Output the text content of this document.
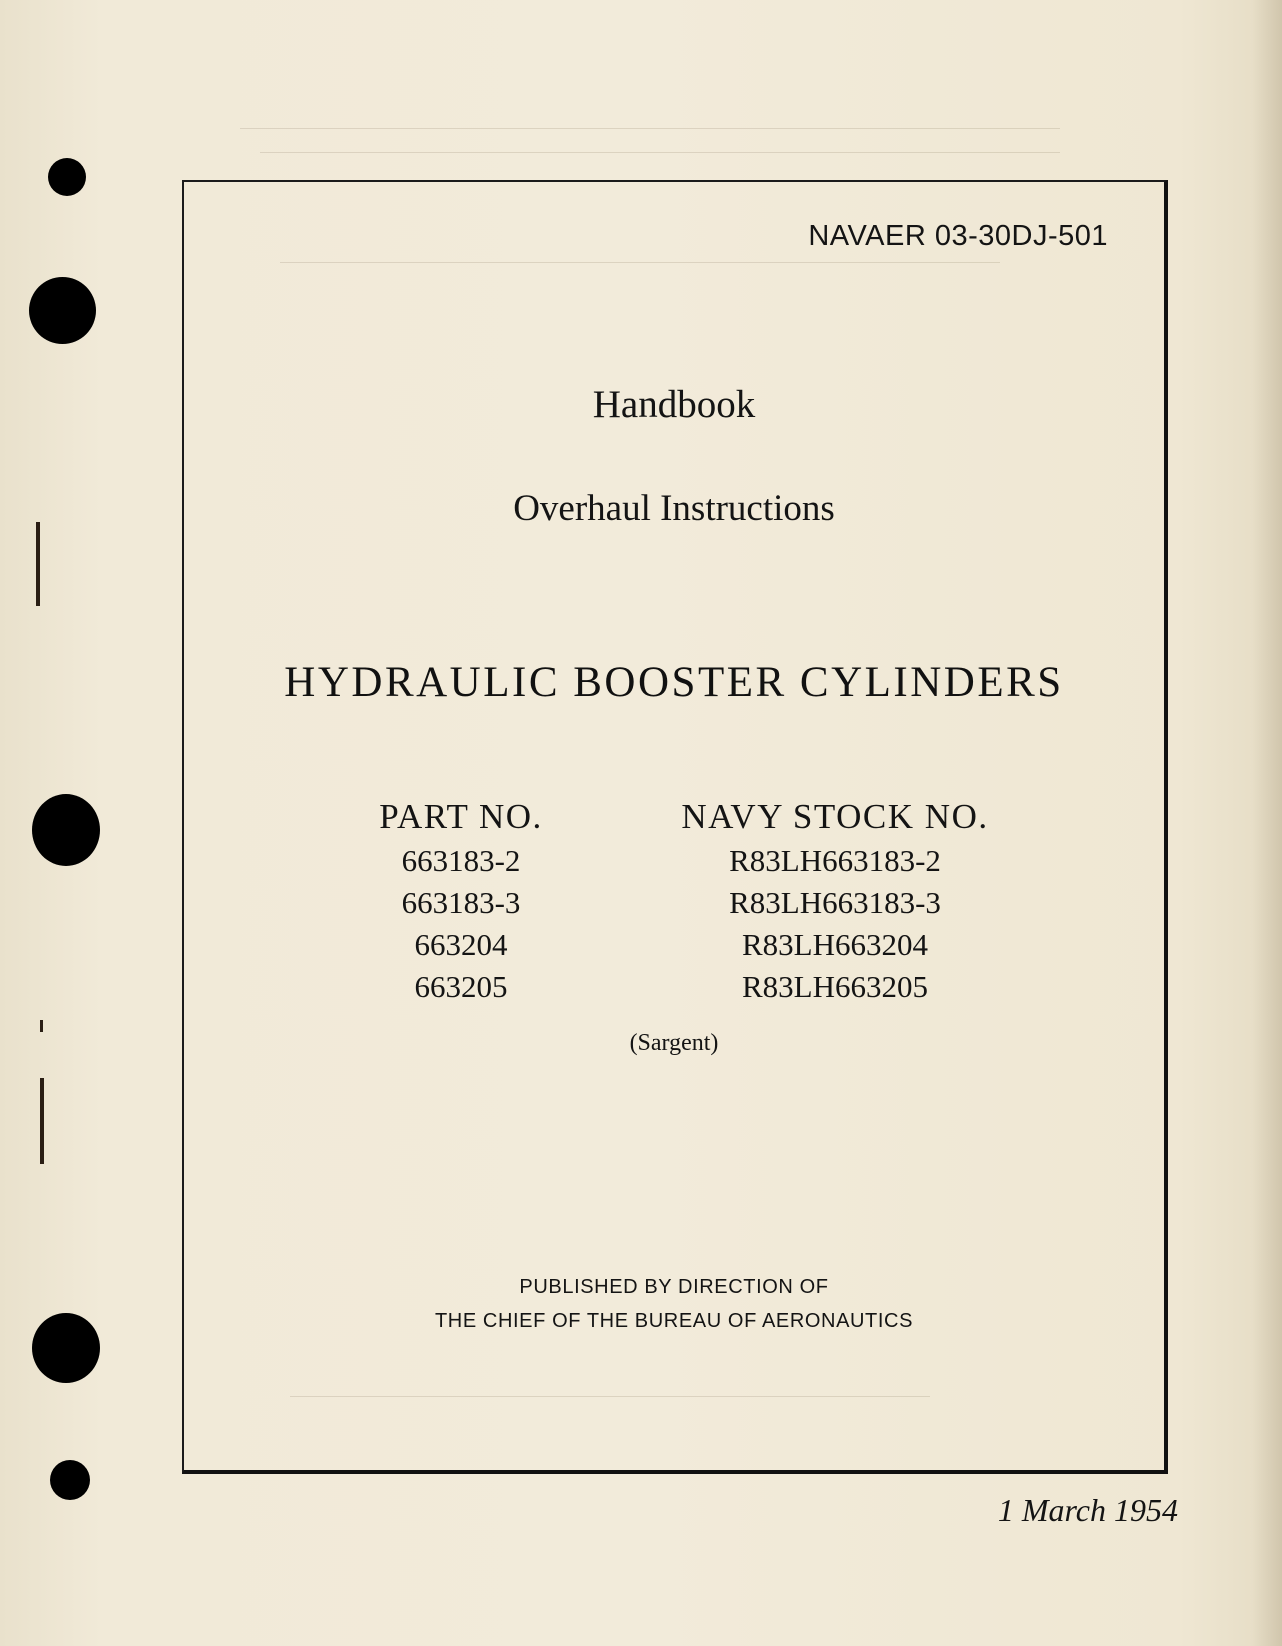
NAVAER 03-30DJ-501
Handbook
Overhaul Instructions
HYDRAULIC BOOSTER CYLINDERS
PART NO.
663183-2
663183-3
663204
663205
NAVY STOCK NO.
R83LH663183-2
R83LH663183-3
R83LH663204
R83LH663205
(Sargent)
PUBLISHED BY DIRECTION OF
THE CHIEF OF THE BUREAU OF AERONAUTICS
1 March 1954
